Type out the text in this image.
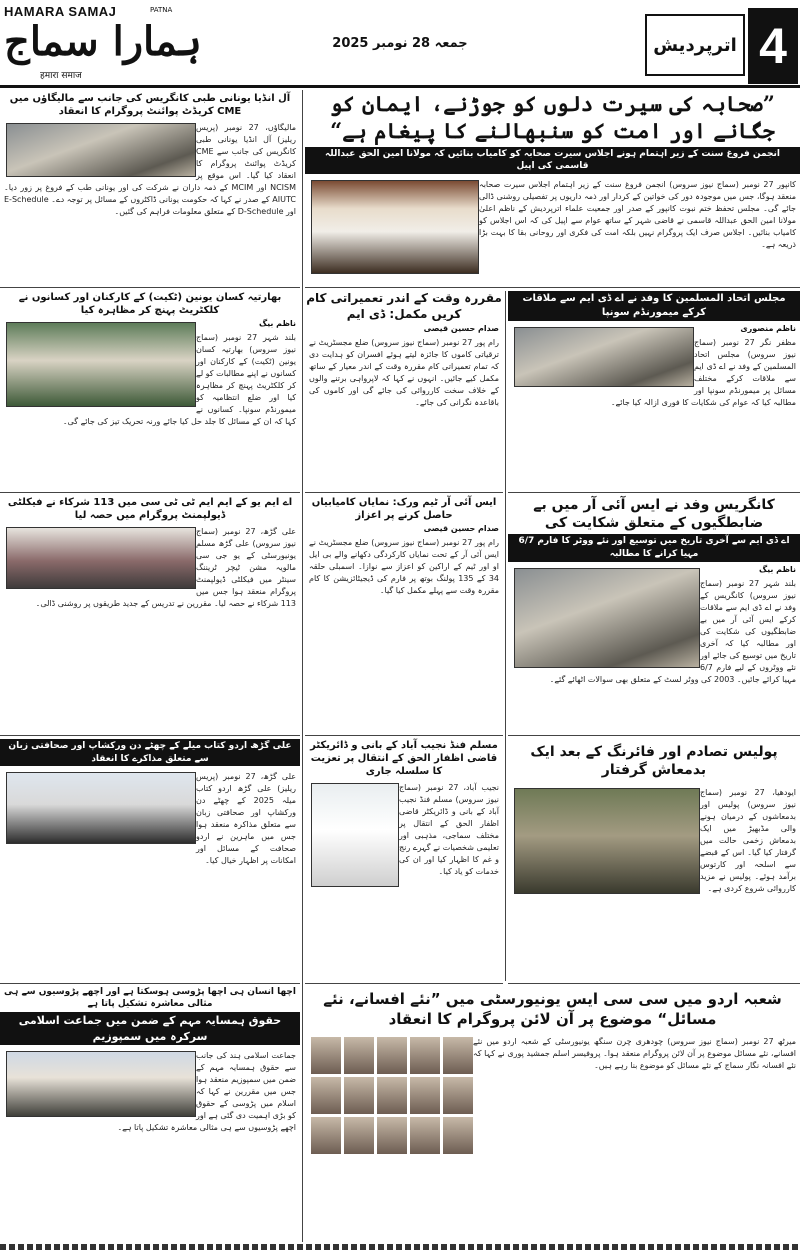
HAMARA SAMAJ	PATNA
ہمارا سماج
हमारा समाज
جمعہ 28 نومبر 2025	اترپردیش 4
آل انڈیا یونانی طبی کانگریس کی جانب سے مالیگاؤں میں CME کریڈٹ پوائنٹ پروگرام کا انعقاد
مالیگاؤں، 27 نومبر (پریس ریلیز) آل انڈیا یونانی طبی کانگریس کی جانب سے CME کریڈٹ پوائنٹ پروگرام کا انعقاد کیا گیا۔ اس موقع پر NCISM اور MCIM کے ذمہ داران نے شرکت کی اور یونانی طب کے فروغ پر زور دیا۔ AIUTC کے صدر نے کہا کہ حکومت یونانی ڈاکٹروں کے مسائل پر توجہ دے۔ E-Schedule اور D-Schedule کے متعلق معلومات فراہم کی گئیں۔
”صحابہ کی سیرت دلوں کو جوڑنے، ایمان کو جگانے اور امت کو سنبھالنے کا پیغام ہے“
انجمن فروغ سنت کے زیر اہتمام ہونے اجلاس سیرت صحابہ کو کامیاب بنائیں کہ مولانا امین الحق عبداللہ قاسمی کی اپیل
کانپور 27 نومبر (سماج نیوز سروس) انجمن فروغ سنت کے زیر اہتمام اجلاس سیرت صحابہ منعقد ہوگا، جس میں موجودہ دور کی خواتین کے کردار اور ذمہ داریوں پر تفصیلی روشنی ڈالی جائے گی۔ مجلس تحفظ ختم نبوت کانپور کے صدر اور جمعیت علماء اترپردیش کے ناظم اعلیٰ مولانا امین الحق عبداللہ قاسمی نے قاضی شہر کے ساتھ عوام سے اپیل کی کہ اس اجلاس کو کامیاب بنائیں۔ اجلاس صرف ایک پروگرام نہیں بلکہ امت کی فکری اور روحانی بقا کا بہت بڑا ذریعہ ہے۔
بھارتیہ کسان یونین (ٹکیت) کے کارکنان اور کسانوں نے کلکٹریٹ پہنچ کر مظاہرہ کیا
ناظم بیگ
بلند شہر 27 نومبر (سماج نیوز سروس) بھارتیہ کسان یونین (ٹکیت) کے کارکنان اور کسانوں نے اپنے مطالبات کو لے کر کلکٹریٹ پہنچ کر مظاہرہ کیا اور ضلع انتظامیہ کو میمورنڈم سونپا۔ کسانوں نے کہا کہ ان کے مسائل کا جلد حل کیا جائے ورنہ تحریک تیز کی جائے گی۔
مقررہ وقت کے اندر تعمیراتی کام کریں مکمل: ڈی ایم
صدام حسین قیصی
رام پور 27 نومبر (سماج نیوز سروس) ضلع مجسٹریٹ نے ترقیاتی کاموں کا جائزہ لیتے ہوئے افسران کو ہدایت دی کہ تمام تعمیراتی کام مقررہ وقت کے اندر معیار کے ساتھ مکمل کیے جائیں۔ انہوں نے کہا کہ لاپرواہی برتنے والوں کے خلاف سخت کارروائی کی جائے گی اور کاموں کی باقاعدہ نگرانی کی جائے۔
مجلس اتحاد المسلمین کا وفد نے اے ڈی ایم سے ملاقات کرکے میمورنڈم سونپا
ناظم منصوری
مظفر نگر 27 نومبر (سماج نیوز سروس) مجلس اتحاد المسلمین کے وفد نے اے ڈی ایم سے ملاقات کرکے مختلف مسائل پر میمورنڈم سونپا اور مطالبہ کیا کہ عوام کی شکایات کا فوری ازالہ کیا جائے۔
اے ایم یو کے ایم ایم ٹی ٹی سی میں 113 شرکاء نے فیکلٹی ڈیولپمنٹ پروگرام میں حصہ لیا
علی گڑھ، 27 نومبر (سماج نیوز سروس) علی گڑھ مسلم یونیورسٹی کے یو جی سی مالویہ مشن ٹیچر ٹریننگ سینٹر میں فیکلٹی ڈیولپمنٹ پروگرام منعقد ہوا جس میں 113 شرکاء نے حصہ لیا۔ مقررین نے تدریس کے جدید طریقوں پر روشنی ڈالی۔
ایس آئی آر ٹیم ورک: نمایاں کامیابیاں حاصل کرنے پر اعزاز
صدام حسین قیصی
رام پور 27 نومبر (سماج نیوز سروس) ضلع مجسٹریٹ نے ایس آئی آر کے تحت نمایاں کارکردگی دکھانے والے بی ایل او اور ٹیم کے اراکین کو اعزاز سے نوازا۔ اسمبلی حلقہ 34 کے 135 پولنگ بوتھ پر فارم کی ڈیجیٹائزیشن کا کام مقررہ وقت سے پہلے مکمل کیا گیا۔
کانگریس وفد نے ایس آئی آر میں بے ضابطگیوں کے متعلق شکایت کی
اے ڈی ایم سے آخری تاریخ میں توسیع اور نئے ووٹر کا فارم 6/7 مہیا کرانے کا مطالبہ
ناظم بیگ
بلند شہر 27 نومبر (سماج نیوز سروس) کانگریس کے وفد نے اے ڈی ایم سے ملاقات کرکے ایس آئی آر میں بے ضابطگیوں کی شکایت کی اور مطالبہ کیا کہ آخری تاریخ میں توسیع کی جائے اور نئے ووٹروں کے لیے فارم 6/7 مہیا کرائے جائیں۔ 2003 کی ووٹر لسٹ کے متعلق بھی سوالات اٹھائے گئے۔
علی گڑھ اردو کتاب میلے کے چھٹے دن ورکشاپ اور صحافتی زبان سے متعلق مذاکرے کا انعقاد
علی گڑھ، 27 نومبر (پریس ریلیز) علی گڑھ اردو کتاب میلہ 2025 کے چھٹے دن ورکشاپ اور صحافتی زبان سے متعلق مذاکرہ منعقد ہوا جس میں ماہرین نے اردو صحافت کے مسائل اور امکانات پر اظہار خیال کیا۔
مسلم فنڈ نجیب آباد کے بانی و ڈائریکٹر قاضی اظفار الحق کے انتقال پر تعزیت کا سلسلہ جاری
نجیب آباد، 27 نومبر (سماج نیوز سروس) مسلم فنڈ نجیب آباد کے بانی و ڈائریکٹر قاضی اظفار الحق کے انتقال پر مختلف سماجی، مذہبی اور تعلیمی شخصیات نے گہرے رنج و غم کا اظہار کیا اور ان کی خدمات کو یاد کیا۔
پولیس تصادم اور فائرنگ کے بعد ایک بدمعاش گرفتار
ایودھیا، 27 نومبر (سماج نیوز سروس) پولیس اور بدمعاشوں کے درمیان ہونے والی مڈبھیڑ میں ایک بدمعاش زخمی حالت میں گرفتار کیا گیا۔ اس کے قبضے سے اسلحہ اور کارتوس برآمد ہوئے۔ پولیس نے مزید کارروائی شروع کردی ہے۔
اچھا انسان ہی اچھا پڑوسی ہوسکتا ہے اور اچھے پڑوسیوں سے ہی مثالی معاشرہ تشکیل پاتا ہے
حقوق ہمسایہ مہم کے ضمن میں جماعت اسلامی سرکرہ میں سمپوزیم
جماعت اسلامی ہند کی جانب سے حقوق ہمسایہ مہم کے ضمن میں سمپوزیم منعقد ہوا جس میں مقررین نے کہا کہ اسلام میں پڑوسی کے حقوق کو بڑی اہمیت دی گئی ہے اور اچھے پڑوسیوں سے ہی مثالی معاشرہ تشکیل پاتا ہے۔
شعبہ اردو میں سی سی ایس یونیورسٹی میں ”نئے افسانے، نئے مسائل“ موضوع پر آن لائن پروگرام کا انعقاد
میرٹھ 27 نومبر (سماج نیوز سروس) چودھری چرن سنگھ یونیورسٹی کے شعبہ اردو میں نئے افسانے، نئے مسائل موضوع پر آن لائن پروگرام منعقد ہوا۔ پروفیسر اسلم جمشید پوری نے کہا کہ نئے افسانہ نگار سماج کے نئے مسائل کو موضوع بنا رہے ہیں۔
